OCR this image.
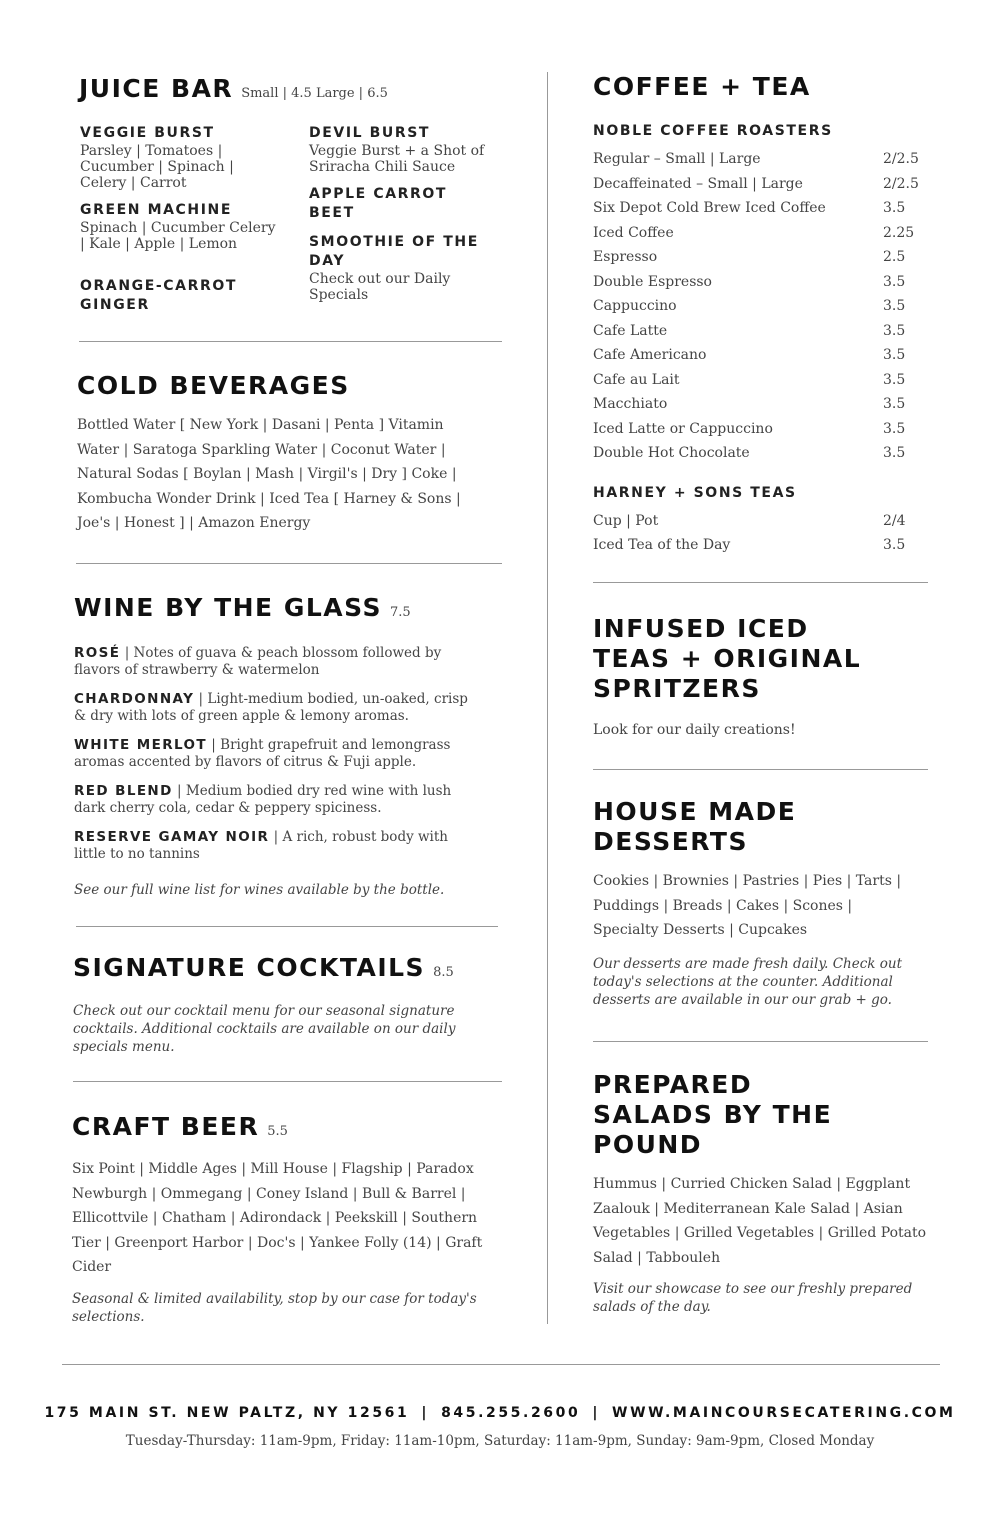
JUICE BAR Small | 4.5 Large | 6.5
VEGGIE BURST
Parsley | Tomatoes | Cucumber | Spinach | Celery | Carrot
GREEN MACHINE
Spinach | Cucumber Celery | Kale | Apple | Lemon
ORANGE-CARROT GINGER
DEVIL BURST
Veggie Burst + a Shot of Sriracha Chili Sauce
APPLE CARROT BEET
SMOOTHIE OF THE DAY
Check out our Daily Specials
COLD BEVERAGES

Bottled Water [ New York | Dasani | Penta ] Vitamin Water | Saratoga Sparkling Water | Coconut Water | Natural Sodas [ Boylan | Mash | Virgil's | Dry ] Coke | Kombucha Wonder Drink | Iced Tea [ Harney & Sons | Joe's | Honest ] | Amazon Energy

WINE BY THE GLASS 7.5

ROSÉ | Notes of guava & peach blossom followed by flavors of strawberry & watermelon

CHARDONNAY | Light-medium bodied, un-oaked, crisp & dry with lots of green apple & lemony aromas.

WHITE MERLOT | Bright grapefruit and lemongrass aromas accented by flavors of citrus & Fuji apple.

RED BLEND | Medium bodied dry red wine with lush dark cherry cola, cedar & peppery spiciness.

RESERVE GAMAY NOIR | A rich, robust body with little to no tannins

See our full wine list for wines available by the bottle.

SIGNATURE COCKTAILS 8.5

Check out our cocktail menu for our seasonal signature cocktails. Additional cocktails are available on our daily specials menu.

CRAFT BEER 5.5

Six Point | Middle Ages | Mill House | Flagship | Paradox Newburgh | Ommegang | Coney Island | Bull & Barrel | Ellicottvile | Chatham | Adirondack | Peekskill | Southern Tier | Greenport Harbor | Doc's | Yankee Folly (14) | Graft Cider

Seasonal & limited availability, stop by our case for today's selections.

COFFEE + TEA
NOBLE COFFEE ROASTERS
Regular – Small | Large	2/2.5
Decaffeinated – Small | Large	2/2.5
Six Depot Cold Brew Iced Coffee	3.5
Iced Coffee	2.25
Espresso	2.5
Double Espresso	3.5
Cappuccino	3.5
Cafe Latte	3.5
Cafe Americano	3.5
Cafe au Lait	3.5
Macchiato	3.5
Iced Latte or Cappuccino	3.5
Double Hot Chocolate	3.5
HARNEY + SONS TEAS
Cup | Pot	2/4
Iced Tea of the Day	3.5
INFUSED ICED TEAS + ORIGINAL SPRITZERS

Look for our daily creations!

HOUSE MADE DESSERTS

Cookies | Brownies | Pastries | Pies | Tarts | Puddings | Breads | Cakes | Scones | Specialty Desserts | Cupcakes

Our desserts are made fresh daily. Check out today's selections at the counter. Additional desserts are available in our our grab + go.

PREPARED SALADS BY THE POUND

Hummus | Curried Chicken Salad | Eggplant Zaalouk | Mediterranean Kale Salad | Asian Vegetables | Grilled Vegetables | Grilled Potato Salad | Tabbouleh

Visit our showcase to see our freshly prepared salads of the day.

175 MAIN ST. NEW PALTZ, NY 12561 | 845.255.2600 | WWW.MAINCOURSECATERING.COM
Tuesday-Thursday: 11am-9pm, Friday: 11am-10pm, Saturday: 11am-9pm, Sunday: 9am-9pm, Closed Monday
